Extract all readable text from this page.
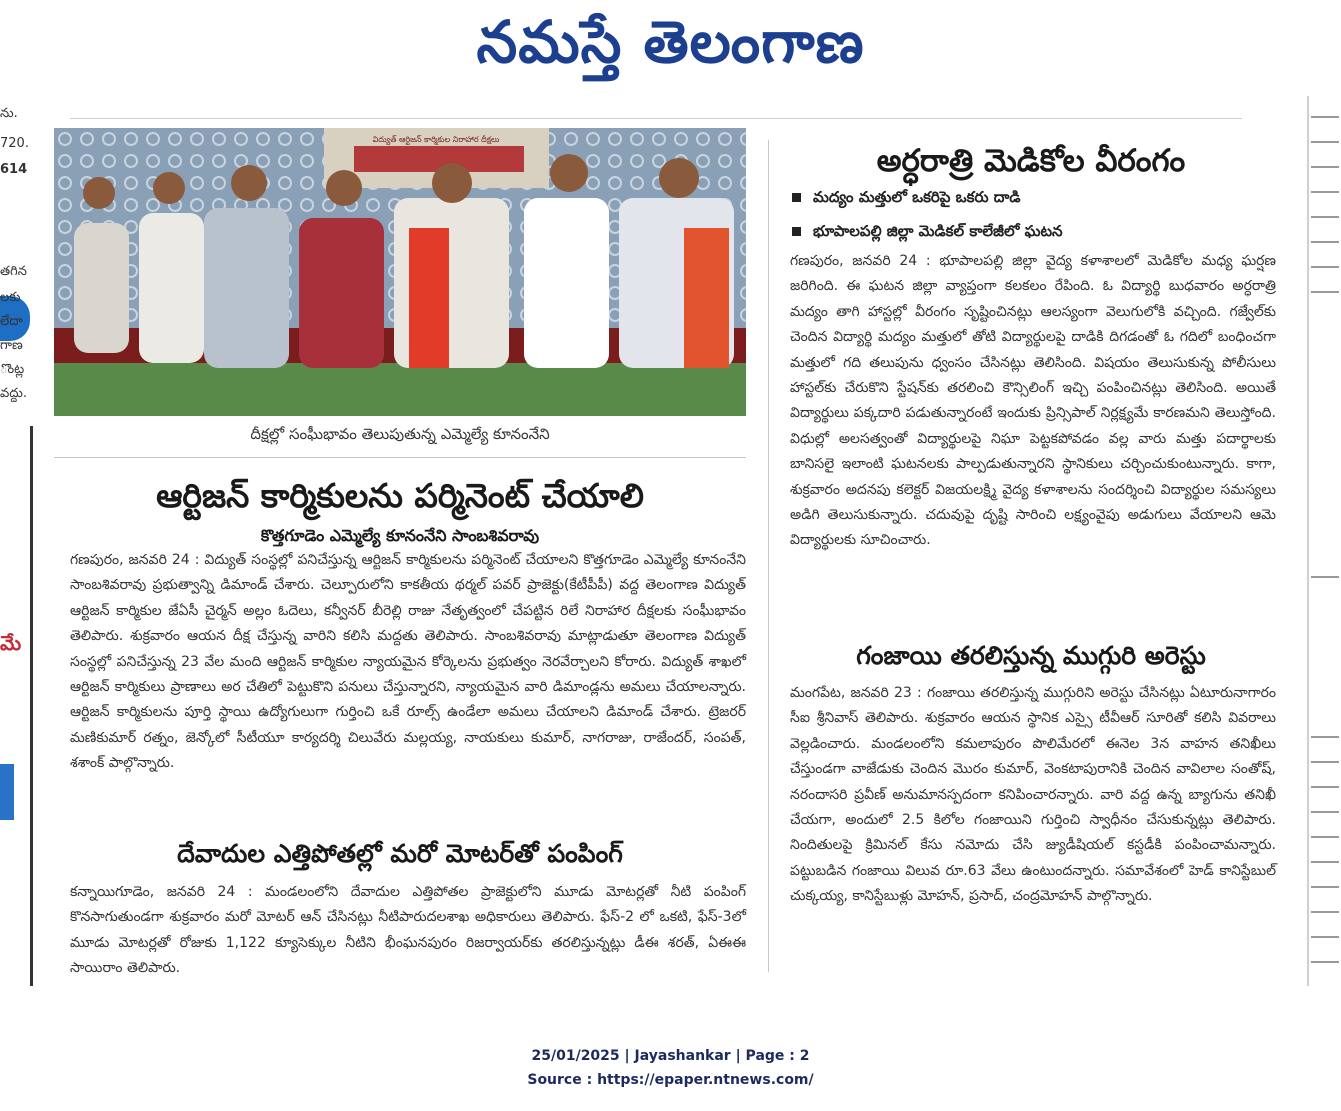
నమస్తే తెలంగాణ
ను.
720.
614
తగిన
లకు
లేదా
గాణ
ొంట్ల
వద్దు.
మే
విద్యుత్ ఆర్టిజన్ కార్మికుల నిరాహార దీక్షలు
దీక్షల్లో సంఘీభావం తెలుపుతున్న ఎమ్మెల్యే కూనంనేని
ఆర్టిజన్ కార్మికులను పర్మినెంట్ చేయాలి
కొత్తగూడెం ఎమ్మెల్యే కూనంనేని సాంబశివరావు
గణపురం, జనవరి 24 : విద్యుత్ సంస్థల్లో పనిచేస్తున్న ఆర్టిజన్ కార్మికులను పర్మినెంట్ చేయాలని కొత్తగూడెం ఎమ్మెల్యే కూనంనేని సాంబశివరావు ప్రభుత్వాన్ని డిమాండ్ చేశారు. చెల్పూరులోని కాకతీయ థర్మల్ పవర్ ప్రాజెక్టు(కేటీపీపీ) వద్ద తెలంగాణ విద్యుత్ ఆర్టిజన్ కార్మికుల జేఏసీ చైర్మన్ అల్లం ఓదెలు, కన్వీనర్ బీరెల్లి రాజు నేతృత్వంలో చేపట్టిన రిలే నిరాహార దీక్షలకు సంఘీభావం తెలిపారు. శుక్రవారం ఆయన దీక్ష చేస్తున్న వారిని కలిసి మద్దతు తెలిపారు. సాంబశివరావు మాట్లాడుతూ తెలంగాణ విద్యుత్ సంస్థల్లో పనిచేస్తున్న 23 వేల మంది ఆర్టిజన్ కార్మికుల న్యాయమైన కోర్కెలను ప్రభుత్వం నెరవేర్చాలని కోరారు. విద్యుత్ శాఖలో ఆర్టిజన్ కార్మికులు ప్రాణాలు అర చేతిలో పెట్టుకొని పనులు చేస్తున్నారని, న్యాయమైన వారి డిమాండ్లను అమలు చేయాలన్నారు. ఆర్టిజన్ కార్మికులను పూర్తి స్థాయి ఉద్యోగులుగా గుర్తించి ఒకే రూల్స్ ఉండేలా అమలు చేయాలని డిమాండ్ చేశారు. ట్రెజరర్ మణికుమార్ రత్నం, జెన్కోలో సీటీయూ కార్యదర్శి చిలువేరు మల్లయ్య, నాయకులు కుమార్, నాగరాజు, రాజేందర్, సంపత్, శశాంక్ పాల్గొన్నారు.
దేవాదుల ఎత్తిపోతల్లో మరో మోటర్‌తో పంపింగ్
కన్నాయిగూడెం, జనవరి 24 : మండలంలోని దేవాదుల ఎత్తిపోతల ప్రాజెక్టులోని మూడు మోటర్లతో నీటి పంపింగ్ కొనసాగుతుండగా శుక్రవారం మరో మోటర్ ఆన్ చేసినట్లు నీటిపారుదలశాఖ అధికారులు తెలిపారు. ఫేస్-2 లో ఒకటి, ఫేస్-3లో మూడు మోటర్లతో రోజుకు 1,122 క్యూసెక్కుల నీటిని భీంఘనపురం రిజర్వాయర్‌కు తరలిస్తున్నట్లు డీఈ శరత్, ఏఈఈ సాయిరాం తెలిపారు.
అర్ధరాత్రి మెడికోల వీరంగం
మద్యం మత్తులో ఒకరిపై ఒకరు దాడి
భూపాలపల్లి జిల్లా మెడికల్ కాలేజీలో ఘటన
గణపురం, జనవరి 24 : భూపాలపల్లి జిల్లా వైద్య కళాశాలలో మెడికోల మధ్య ఘర్షణ జరిగింది. ఈ ఘటన జిల్లా వ్యాప్తంగా కలకలం రేపింది. ఓ విద్యార్థి బుధవారం అర్ధరాత్రి మద్యం తాగి హాస్టల్లో వీరంగం సృష్టించినట్లు ఆలస్యంగా వెలుగులోకి వచ్చింది. గజ్వేల్‌కు చెందిన విద్యార్థి మద్యం మత్తులో తోటి విద్యార్థులపై దాడికి దిగడంతో ఓ గదిలో బంధించగా మత్తులో గది తలుపును ధ్వంసం చేసినట్లు తెలిసింది. విషయం తెలుసుకున్న పోలీసులు హాస్టల్‌కు చేరుకొని స్టేషన్‌కు తరలించి కౌన్సిలింగ్ ఇచ్చి పంపించినట్లు తెలిసింది. అయితే విద్యార్థులు పక్కదారి పడుతున్నారంటే ఇందుకు ప్రిన్సిపాల్ నిర్లక్ష్యమే కారణమని తెలుస్తోంది. విధుల్లో అలసత్వంతో విద్యార్థులపై నిఘా పెట్టకపోవడం వల్ల వారు మత్తు పదార్థాలకు బానిసలై ఇలాంటి ఘటనలకు పాల్పడుతున్నారని స్థానికులు చర్చించుకుంటున్నారు. కాగా, శుక్రవారం అదనపు కలెక్టర్ విజయలక్ష్మి వైద్య కళాశాలను సందర్శించి విద్యార్థుల సమస్యలు అడిగి తెలుసుకున్నారు. చదువుపై దృష్టి సారించి లక్ష్యంవైపు అడుగులు వేయాలని ఆమె విద్యార్థులకు సూచించారు.
గంజాయి తరలిస్తున్న ముగ్గురి అరెస్టు
మంగపేట, జనవరి 23 : గంజాయి తరలిస్తున్న ముగ్గురిని అరెస్టు చేసినట్లు ఏటూరునాగారం సీఐ శ్రీనివాస్ తెలిపారు. శుక్రవారం ఆయన స్థానిక ఎస్సై టీవీఆర్ సూరితో కలిసి వివరాలు వెల్లడించారు. మండలంలోని కమలాపురం పొలిమేరలో ఈనెల 3న వాహన తనిఖీలు చేస్తుండగా వాజేడుకు చెందిన మొరం కుమార్, వెంకటాపురానికి చెందిన వావిలాల సంతోష్, నరందాసరి ప్రవీణ్ అనుమానస్పదంగా కనిపించారన్నారు. వారి వద్ద ఉన్న బ్యాగును తనిఖీ చేయగా, అందులో 2.5 కిలోల గంజాయిని గుర్తించి స్వాధీనం చేసుకున్నట్లు తెలిపారు. నిందితులపై క్రిమినల్ కేసు నమోదు చేసి జ్యుడీషియల్ కస్టడీకి పంపించామన్నారు. పట్టుబడిన గంజాయి విలువ రూ.63 వేలు ఉంటుందన్నారు. సమావేశంలో హెడ్ కానిస్టేబుల్ చుక్కయ్య, కానిస్టేబుళ్లు మోహన్, ప్రసాద్, చంద్రమోహన్ పాల్గొన్నారు.
25/01/2025 | Jayashankar | Page : 2
Source : https://epaper.ntnews.com/
